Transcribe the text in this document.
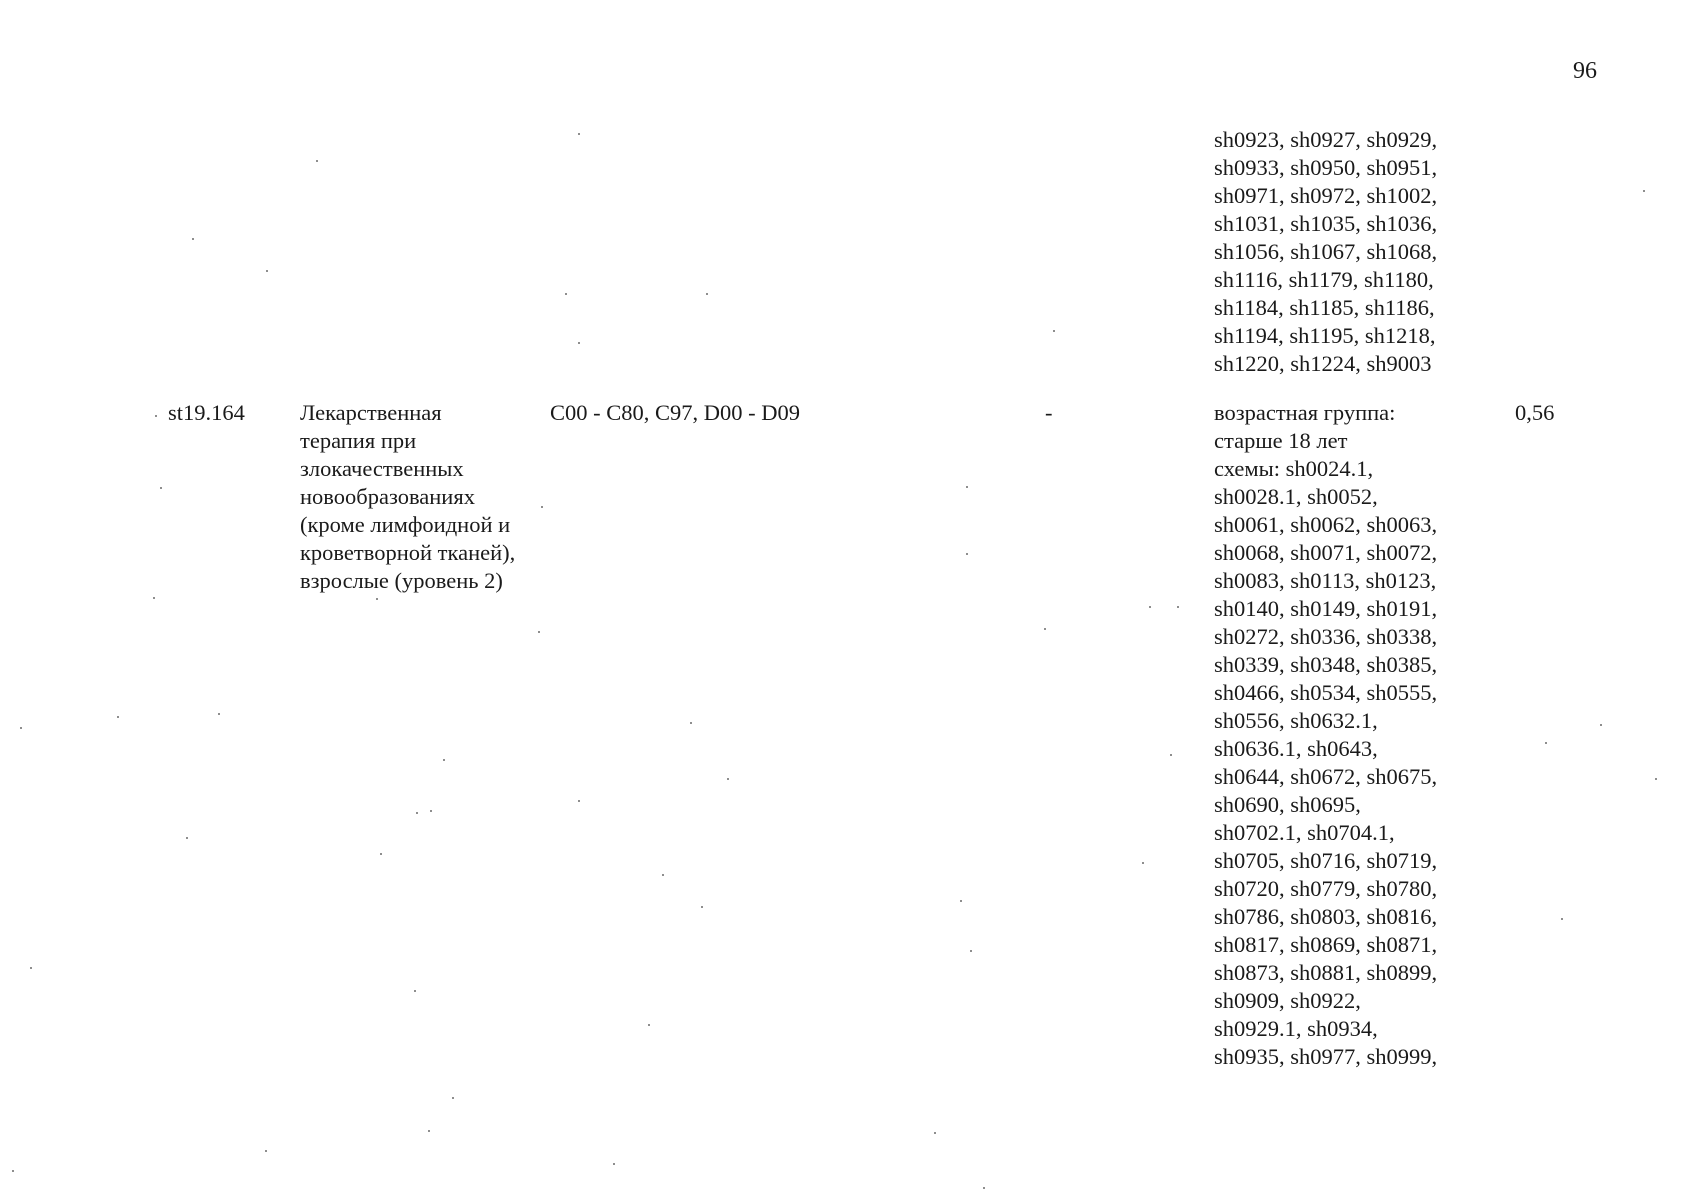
96
sh0923, sh0927, sh0929,
sh0933, sh0950, sh0951,
sh0971, sh0972, sh1002,
sh1031, sh1035, sh1036,
sh1056, sh1067, sh1068,
sh1116, sh1179, sh1180,
sh1184, sh1185, sh1186,
sh1194, sh1195, sh1218,
sh1220, sh1224, sh9003
st19.164 Лекарственная
терапия при
злокачественных
новообразованиях
(кроме лимфоидной и
кроветворной тканей),
взрослые (уровень 2)
C00 - C80, C97, D00 - D09	-	возрастная группа:
старше 18 лет
схемы: sh0024.1,
sh0028.1, sh0052,
sh0061, sh0062, sh0063,
sh0068, sh0071, sh0072,
sh0083, sh0113, sh0123,
sh0140, sh0149, sh0191,
sh0272, sh0336, sh0338,
sh0339, sh0348, sh0385,
sh0466, sh0534, sh0555,
sh0556, sh0632.1,
sh0636.1, sh0643,
sh0644, sh0672, sh0675,
sh0690, sh0695,
sh0702.1, sh0704.1,
sh0705, sh0716, sh0719,
sh0720, sh0779, sh0780,
sh0786, sh0803, sh0816,
sh0817, sh0869, sh0871,
sh0873, sh0881, sh0899,
sh0909, sh0922,
sh0929.1, sh0934,
sh0935, sh0977, sh0999,
0,56
